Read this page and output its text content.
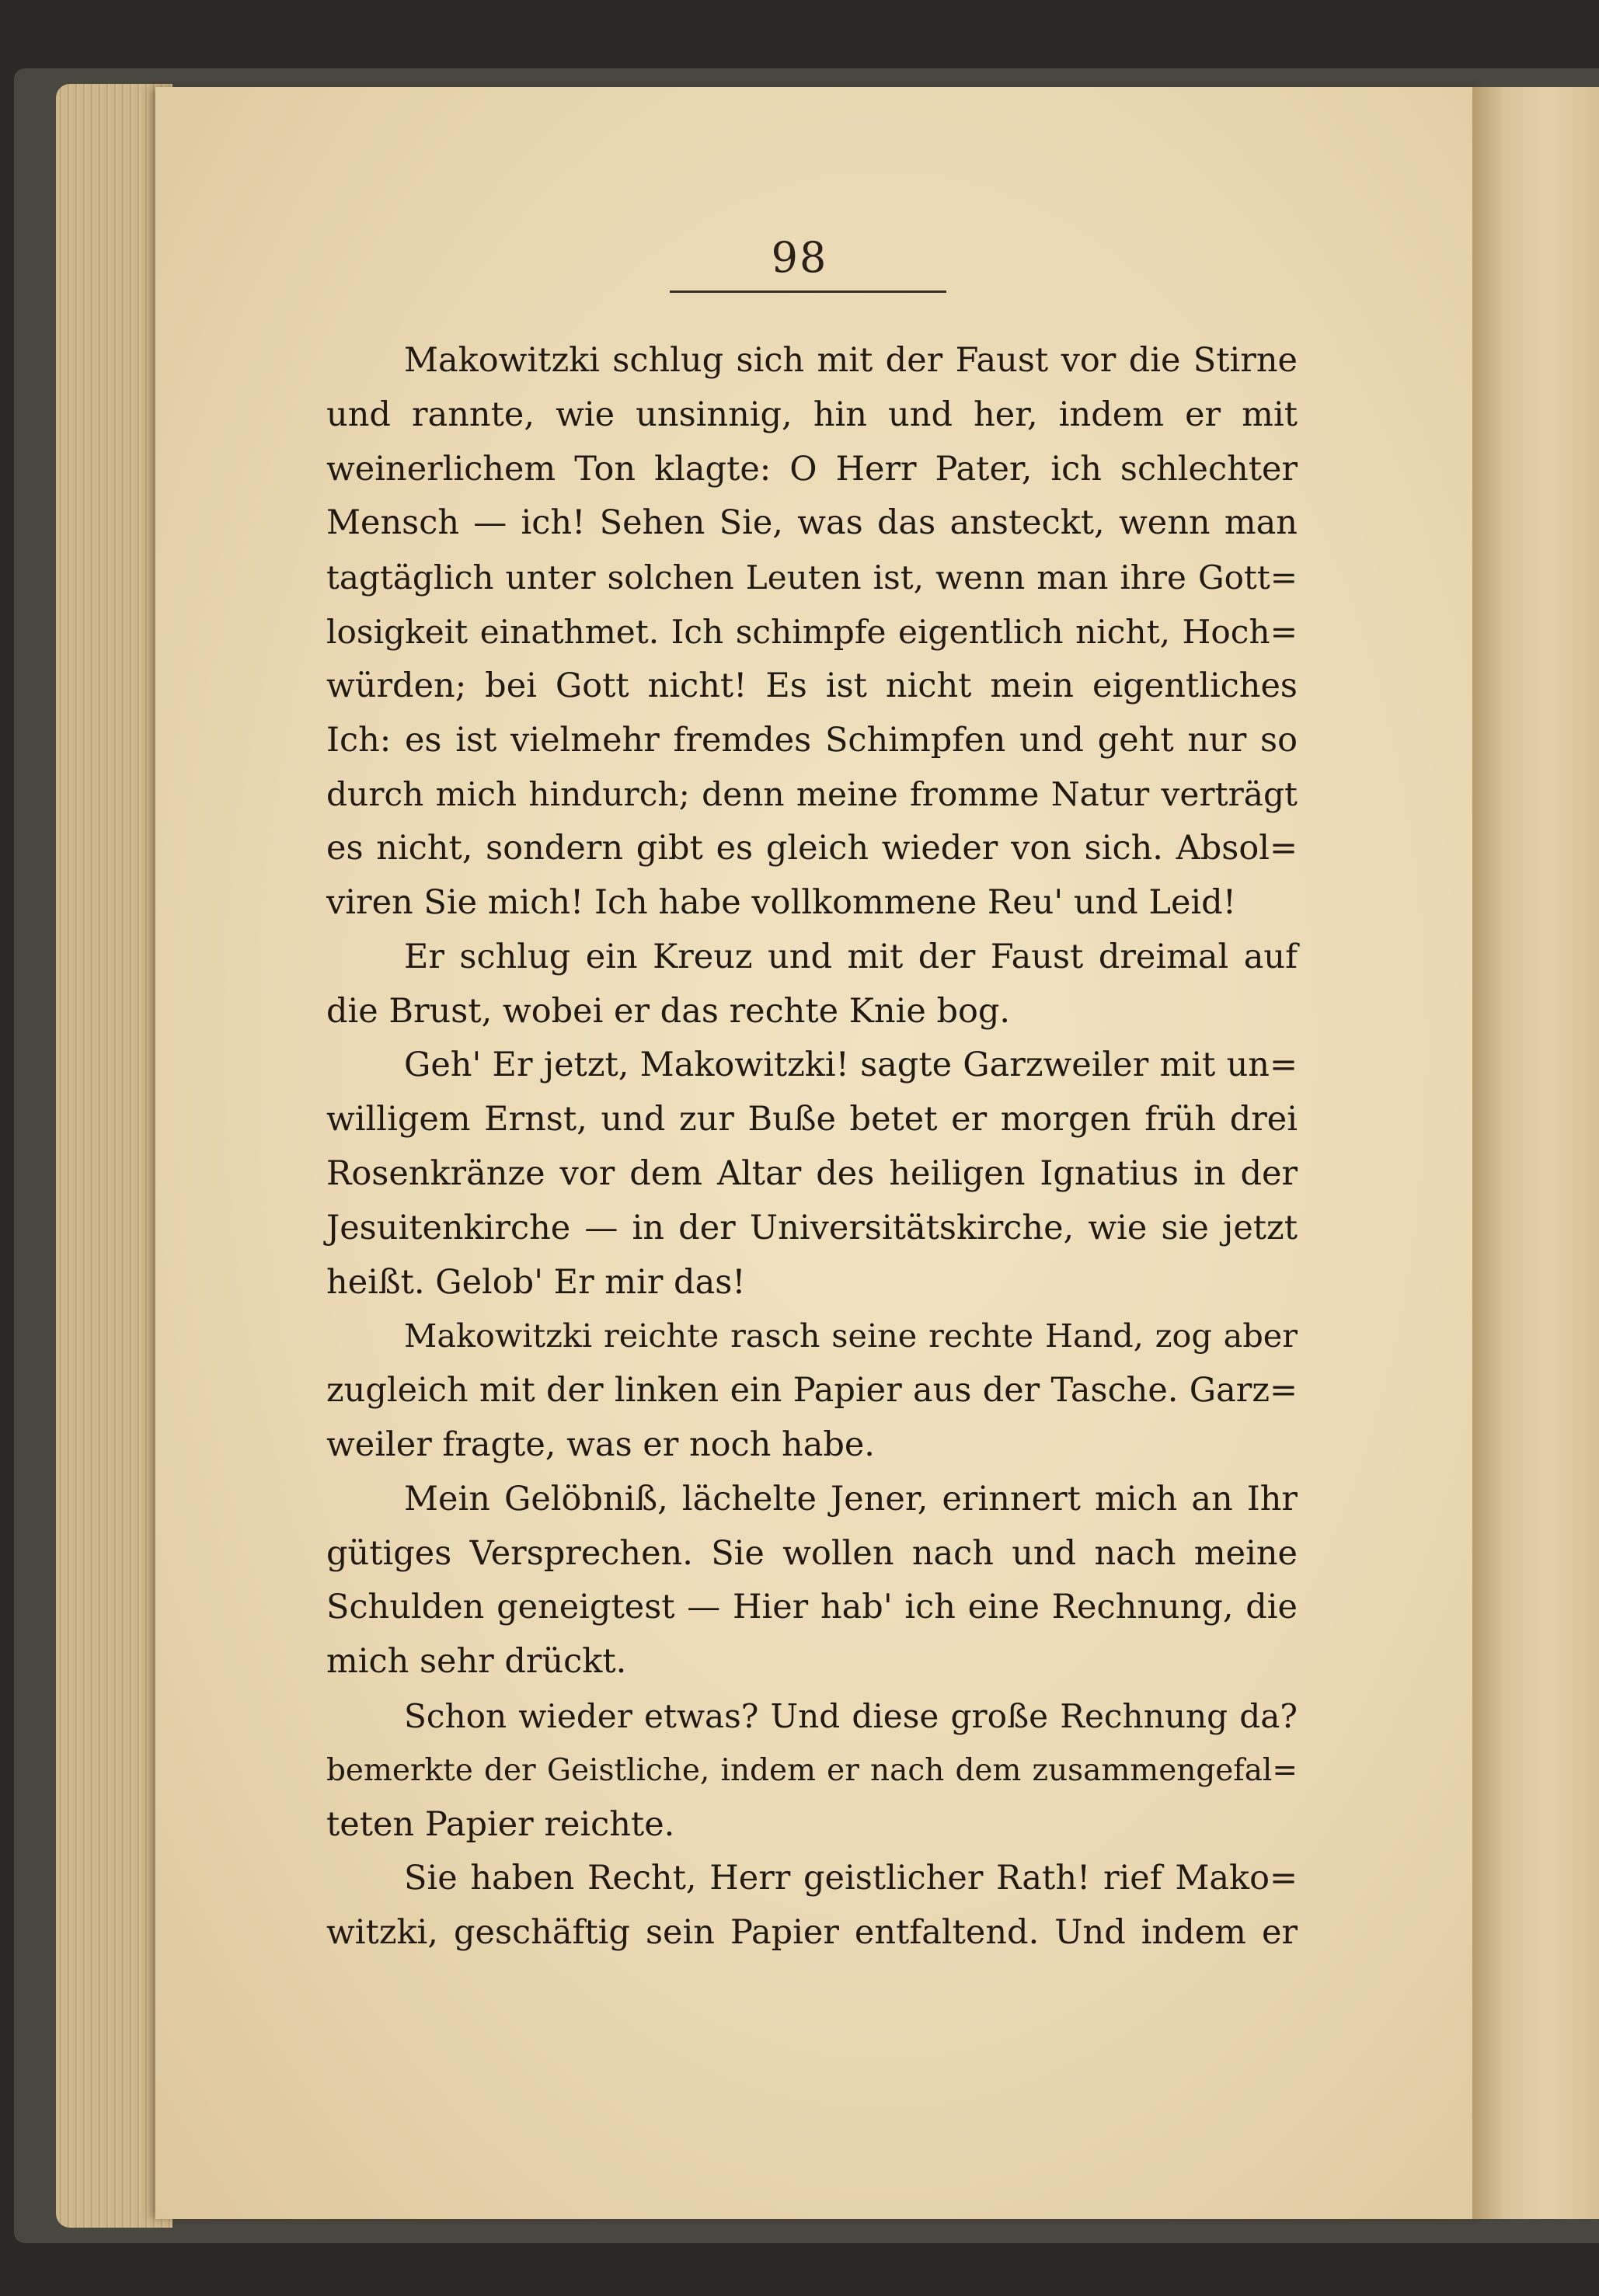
98
Makowitzki schlug sich mit der Faust vor die Stirne
und rannte, wie unsinnig, hin und her, indem er mit
weinerlichem Ton klagte: O Herr Pater, ich schlechter
Mensch — ich! Sehen Sie, was das ansteckt, wenn man
tagtäglich unter solchen Leuten ist, wenn man ihre Gott=
losigkeit einathmet. Ich schimpfe eigentlich nicht, Hoch=
würden; bei Gott nicht! Es ist nicht mein eigentliches
Ich: es ist vielmehr fremdes Schimpfen und geht nur so
durch mich hindurch; denn meine fromme Natur verträgt
es nicht, sondern gibt es gleich wieder von sich. Absol=
viren Sie mich! Ich habe vollkommene Reu' und Leid!
Er schlug ein Kreuz und mit der Faust dreimal auf
die Brust, wobei er das rechte Knie bog.
Geh' Er jetzt, Makowitzki! sagte Garzweiler mit un=
willigem Ernst, und zur Buße betet er morgen früh drei
Rosenkränze vor dem Altar des heiligen Ignatius in der
Jesuitenkirche — in der Universitätskirche, wie sie jetzt
heißt. Gelob' Er mir das!
Makowitzki reichte rasch seine rechte Hand, zog aber
zugleich mit der linken ein Papier aus der Tasche. Garz=
weiler fragte, was er noch habe.
Mein Gelöbniß, lächelte Jener, erinnert mich an Ihr
gütiges Versprechen. Sie wollen nach und nach meine
Schulden geneigtest — Hier hab' ich eine Rechnung, die
mich sehr drückt.
Schon wieder etwas? Und diese große Rechnung da?
bemerkte der Geistliche, indem er nach dem zusammengefal=
teten Papier reichte.
Sie haben Recht, Herr geistlicher Rath! rief Mako=
witzki, geschäftig sein Papier entfaltend. Und indem er
